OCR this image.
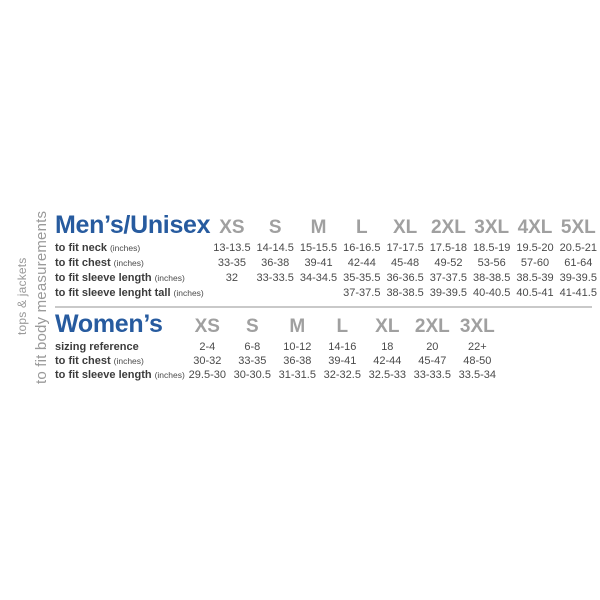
tops & jackets to fit body measurements Men’s/Unisex	XS	S	M	L	XL	2XL	3XL	4XL	5XL
to fit neck (inches)	13-13.5	14-14.5	15-15.5	16-16.5	17-17.5	17.5-18	18.5-19	19.5-20	20.5-21
to fit chest (inches)	33-35	36-38	39-41	42-44	45-48	49-52	53-56	57-60	61-64
to fit sleeve length (inches)	32	33-33.5	34-34.5	35-35.5	36-36.5	37-37.5	38-38.5	38.5-39	39-39.5
to fit sleeve lenght tall (inches)				37-37.5	38-38.5	39-39.5	40-40.5	40.5-41	41-41.5
Women’s	XS	S	M	L	XL	2XL	3XL
sizing reference	2-4	6-8	10-12	14-16	18	20	22+
to fit chest (inches)	30-32	33-35	36-38	39-41	42-44	45-47	48-50
to fit sleeve length (inches)	29.5-30	30-30.5	31-31.5	32-32.5	32.5-33	33-33.5	33.5-34
